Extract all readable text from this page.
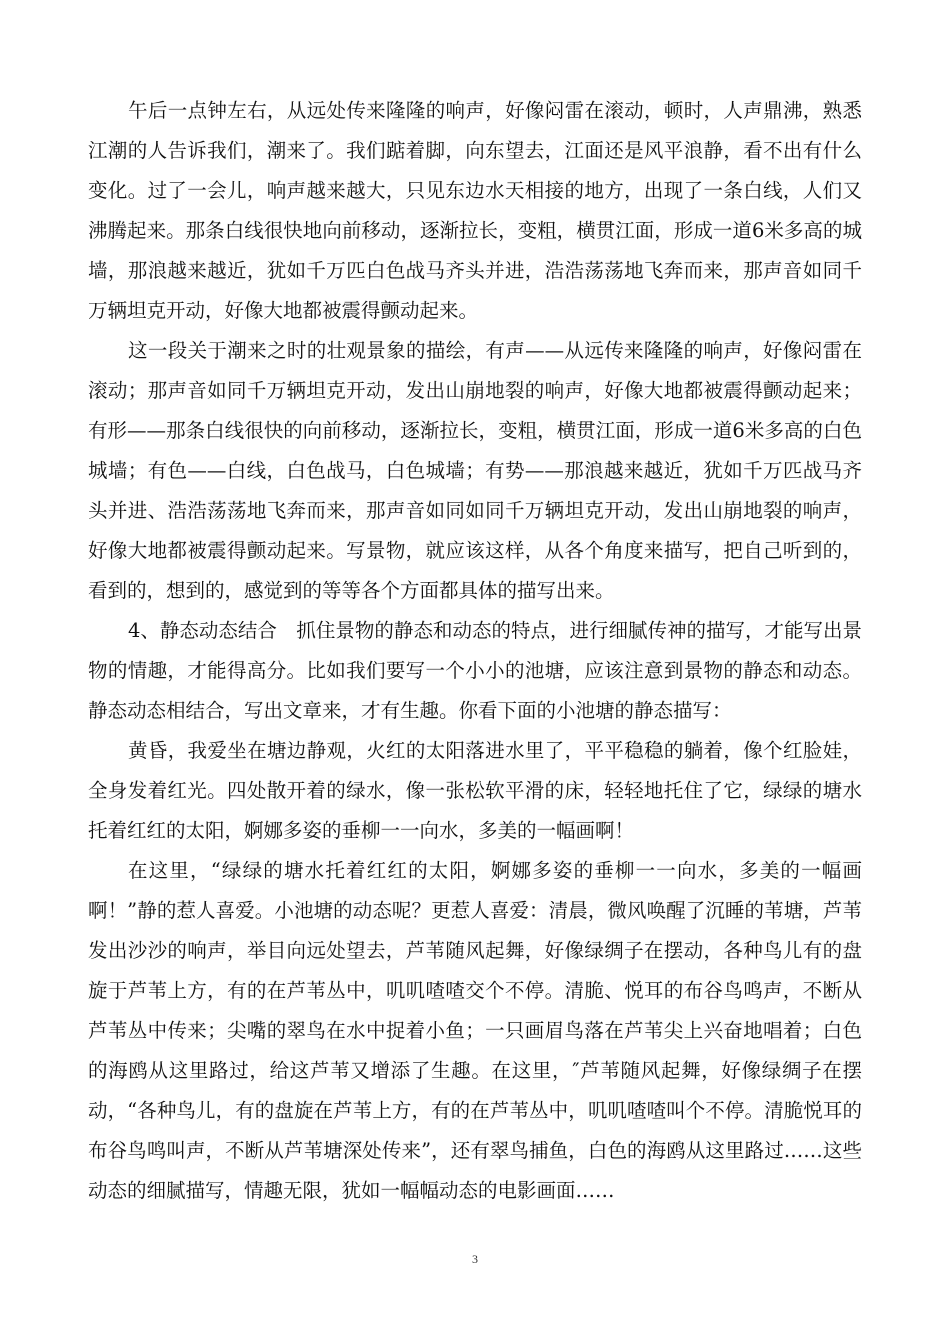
午后一点钟左右，从远处传来隆隆的响声，好像闷雷在滚动，顿时，人声鼎沸，熟悉江潮的人告诉我们，潮来了。我们踮着脚，向东望去，江面还是风平浪静，看不出有什么变化。过了一会儿，响声越来越大，只见东边水天相接的地方，出现了一条白线，人们又沸腾起来。那条白线很快地向前移动，逐渐拉长，变粗，横贯江面，形成一道6米多高的城墙，那浪越来越近，犹如千万匹白色战马齐头并进，浩浩荡荡地飞奔而来，那声音如同千万辆坦克开动，好像大地都被震得颤动起来。

这一段关于潮来之时的壮观景象的描绘，有声——从远传来隆隆的响声，好像闷雷在滚动；那声音如同千万辆坦克开动，发出山崩地裂的响声，好像大地都被震得颤动起来；有形——那条白线很快的向前移动，逐渐拉长，变粗，横贯江面，形成一道6米多高的白色城墙；有色——白线，白色战马，白色城墙；有势——那浪越来越近，犹如千万匹战马齐头并进、浩浩荡荡地飞奔而来，那声音如同如同千万辆坦克开动，发出山崩地裂的响声，好像大地都被震得颤动起来。写景物，就应该这样，从各个角度来描写，把自己听到的，看到的，想到的，感觉到的等等各个方面都具体的描写出来。

4、静态动态结合　抓住景物的静态和动态的特点，进行细腻传神的描写，才能写出景物的情趣，才能得高分。比如我们要写一个小小的池塘，应该注意到景物的静态和动态。静态动态相结合，写出文章来，才有生趣。你看下面的小池塘的静态描写：

黄昏，我爱坐在塘边静观，火红的太阳落进水里了，平平稳稳的躺着，像个红脸娃，全身发着红光。四处散开着的绿水，像一张松软平滑的床，轻轻地托住了它，绿绿的塘水托着红红的太阳，婀娜多姿的垂柳一一向水，多美的一幅画啊！

在这里，“绿绿的塘水托着红红的太阳，婀娜多姿的垂柳一一向水，多美的一幅画啊！”静的惹人喜爱。小池塘的动态呢？更惹人喜爱：清晨，微风唤醒了沉睡的苇塘，芦苇发出沙沙的响声，举目向远处望去，芦苇随风起舞，好像绿绸子在摆动，各种鸟儿有的盘旋于芦苇上方，有的在芦苇丛中，叽叽喳喳交个不停。清脆、悦耳的布谷鸟鸣声，不断从芦苇丛中传来；尖嘴的翠鸟在水中捉着小鱼；一只画眉鸟落在芦苇尖上兴奋地唱着；白色的海鸥从这里路过，给这芦苇又增添了生趣。在这里，″芦苇随风起舞，好像绿绸子在摆动，“各种鸟儿，有的盘旋在芦苇上方，有的在芦苇丛中，叽叽喳喳叫个不停。清脆悦耳的布谷鸟鸣叫声，不断从芦苇塘深处传来”，还有翠鸟捕鱼，白色的海鸥从这里路过……这些动态的细腻描写，情趣无限，犹如一幅幅动态的电影画面……

3
